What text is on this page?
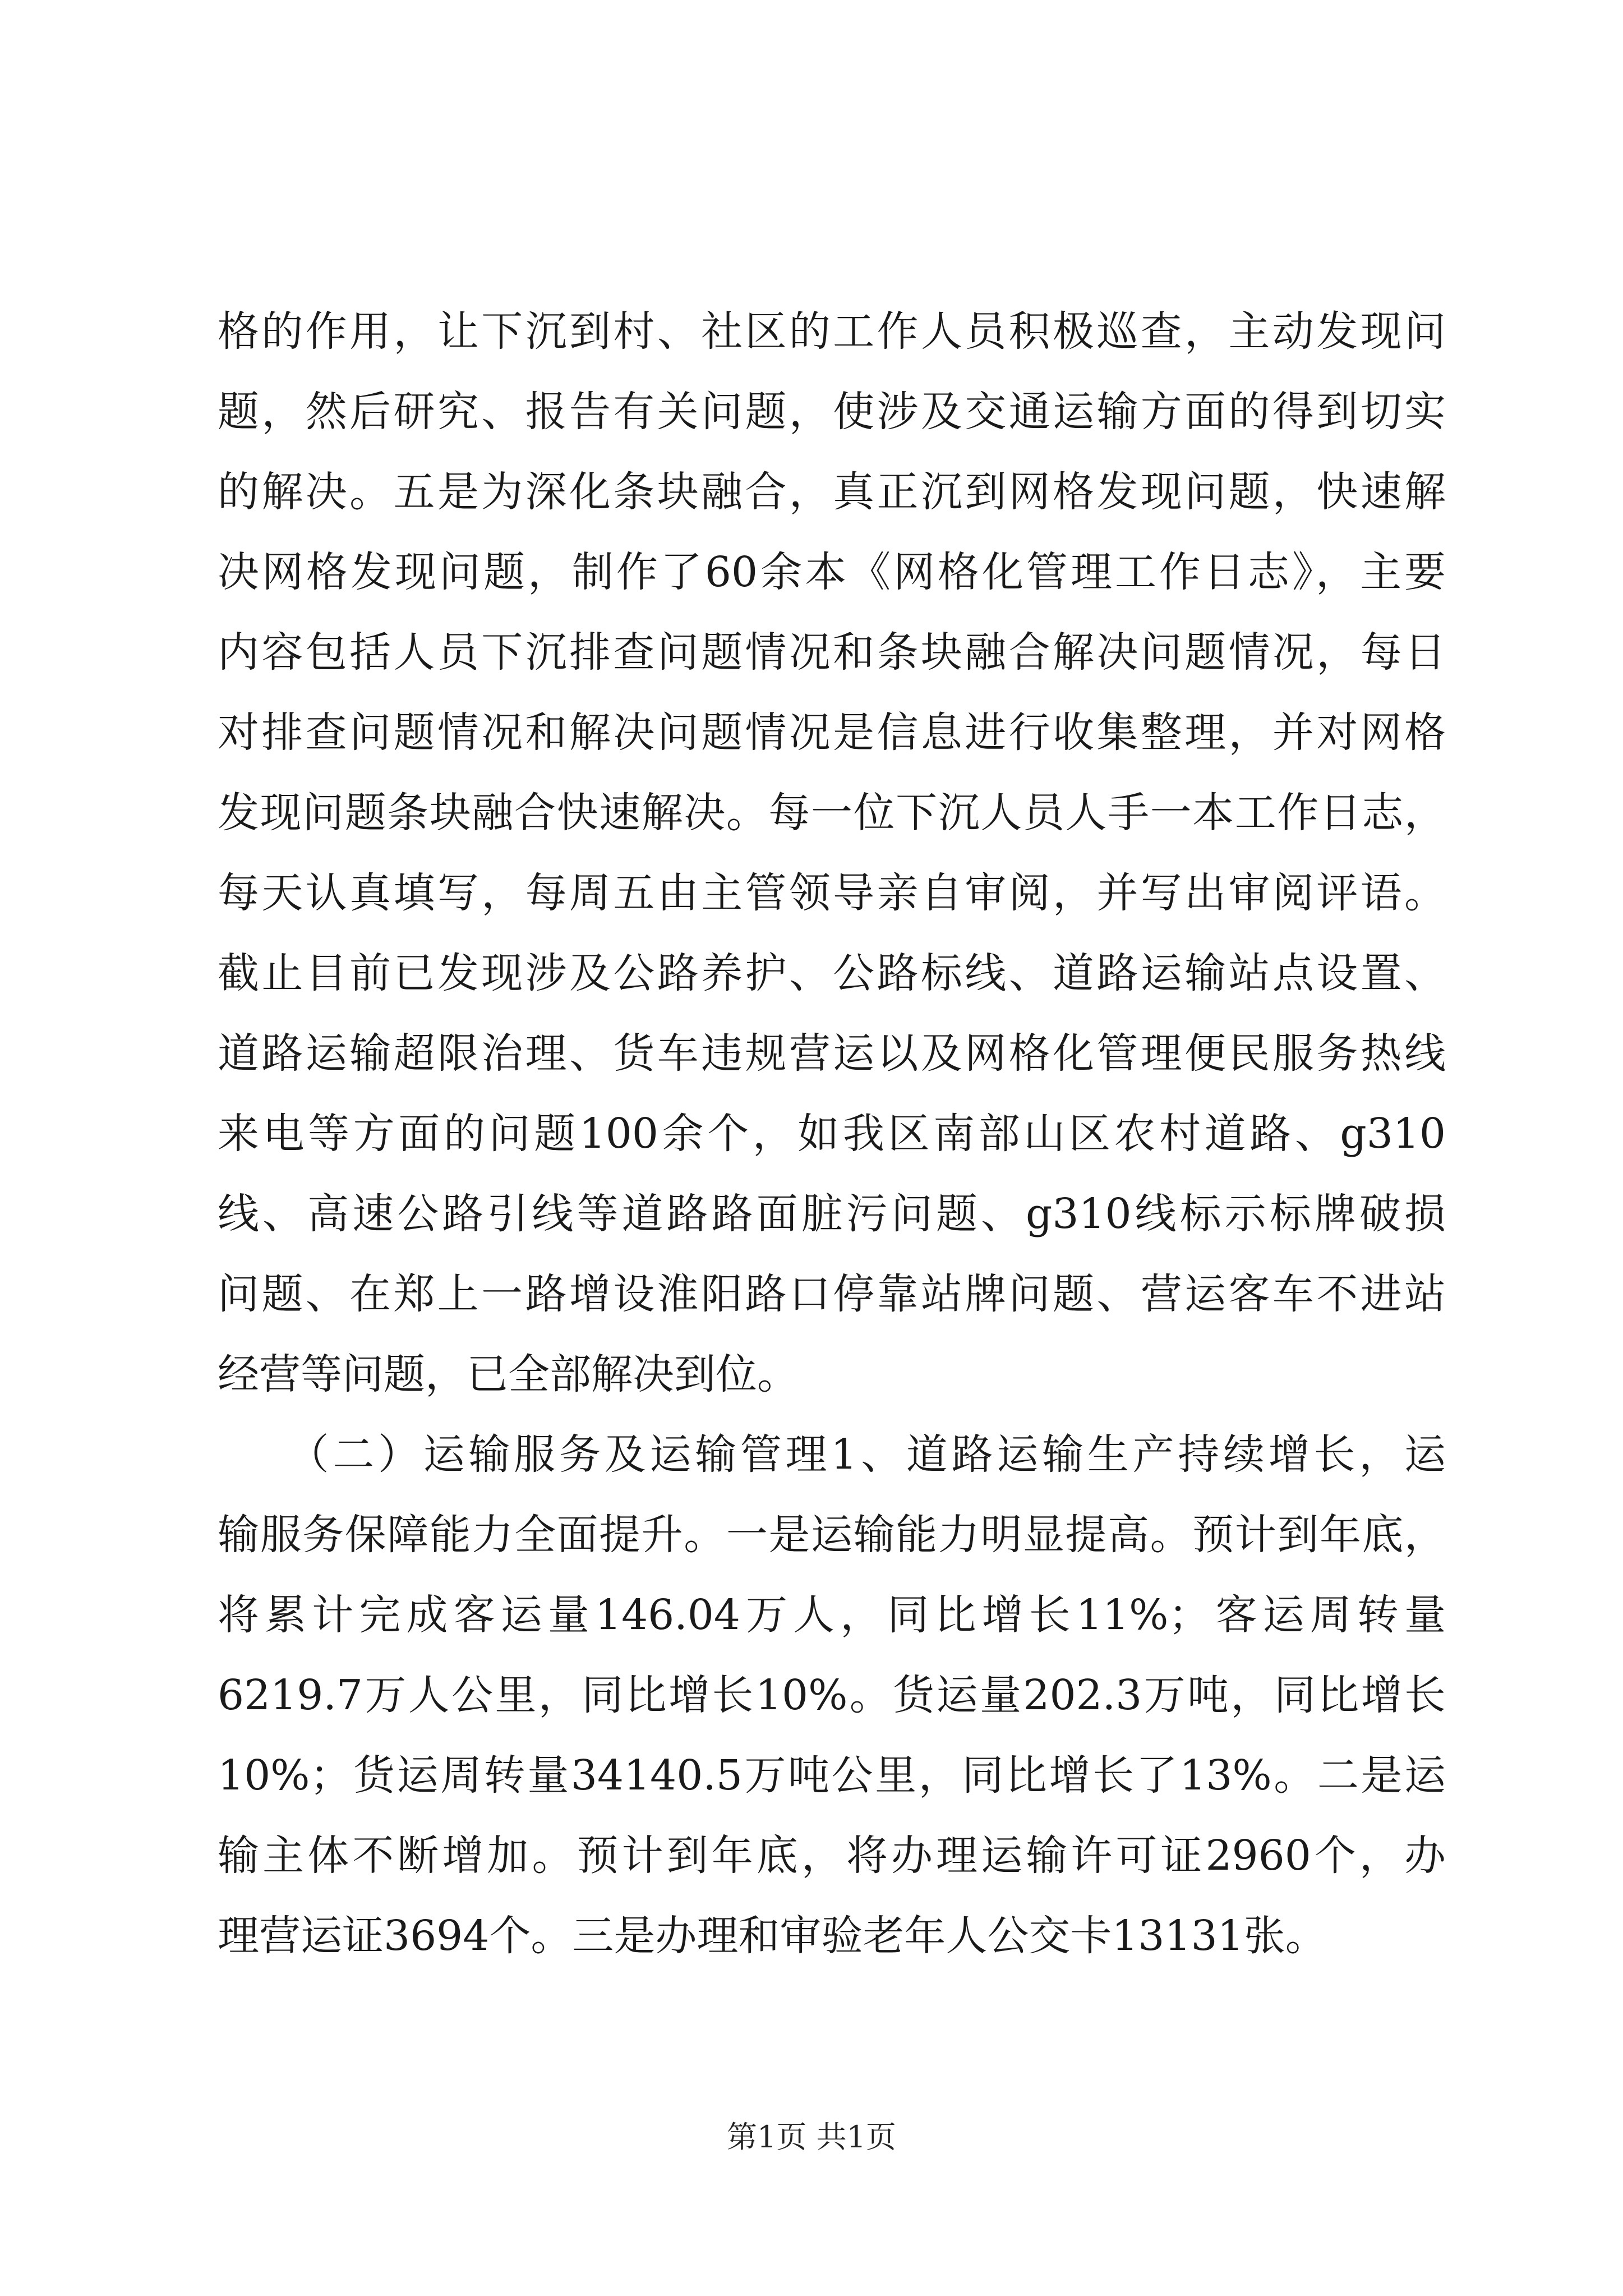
格的作用，让下沉到村、社区的工作人员积极巡查，主动发现问
题，然后研究、报告有关问题，使涉及交通运输方面的得到切实
的解决。五是为深化条块融合，真正沉到网格发现问题，快速解
决网格发现问题，制作了60余本《网格化管理工作日志》，主要
内容包括人员下沉排查问题情况和条块融合解决问题情况，每日
对排查问题情况和解决问题情况是信息进行收集整理，并对网格
发现问题条块融合快速解决。每一位下沉人员人手一本工作日志，
每天认真填写，每周五由主管领导亲自审阅，并写出审阅评语。
截止目前已发现涉及公路养护、公路标线、道路运输站点设置、
道路运输超限治理、货车违规营运以及网格化管理便民服务热线
来电等方面的问题100余个，如我区南部山区农村道路、g310
线、高速公路引线等道路路面脏污问题、g310线标示标牌破损
问题、在郑上一路增设淮阳路口停靠站牌问题、营运客车不进站
经营等问题，已全部解决到位。
　　（二）运输服务及运输管理1、道路运输生产持续增长，运
输服务保障能力全面提升。一是运输能力明显提高。预计到年底，
将累计完成客运量146.04万人，同比增长11%；客运周转量
6219.7万人公里，同比增长10%。货运量202.3万吨，同比增长
10%；货运周转量34140.5万吨公里，同比增长了13%。二是运
输主体不断增加。预计到年底，将办理运输许可证2960个，办
理营运证3694个。三是办理和审验老年人公交卡13131张。
第1页 共1页
